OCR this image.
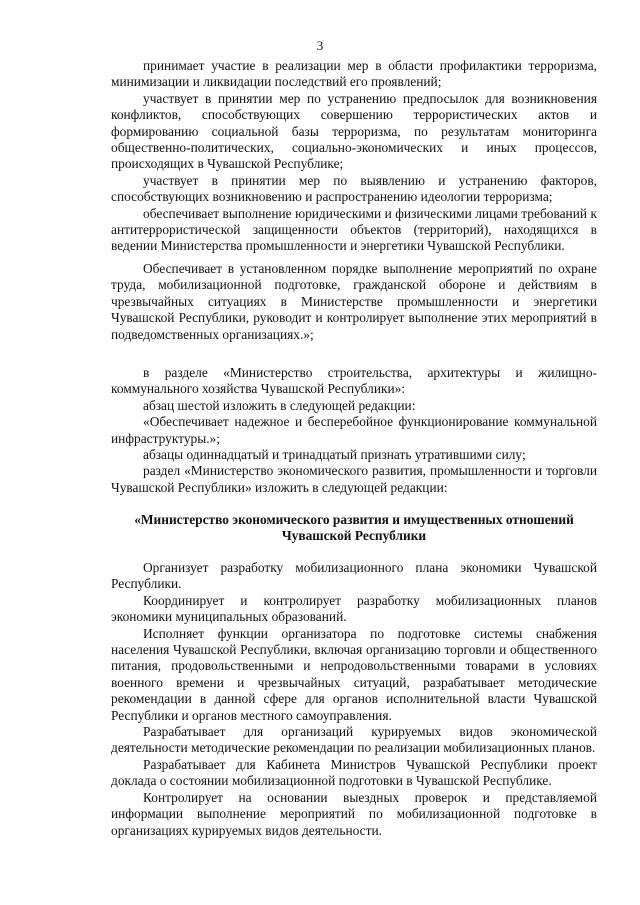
3

принимает участие в реализации мер в области профилактики терроризма, минимизации и ликвидации последствий его проявлений;

участвует в принятии мер по устранению предпосылок для возникновения конфликтов, способствующих совершению террористических актов и формированию социальной базы терроризма, по результатам мониторинга общественно-политических, социально-экономических и иных процессов, происходящих в Чувашской Республике;

участвует в принятии мер по выявлению и устранению факторов, способствующих возникновению и распространению идеологии терроризма;

обеспечивает выполнение юридическими и физическими лицами требований к антитеррористической защищенности объектов (территорий), находящихся в ведении Министерства промышленности и энергетики Чувашской Республики.

Обеспечивает в установленном порядке выполнение мероприятий по охране труда, мобилизационной подготовке, гражданской обороне и действиям в чрезвычайных ситуациях в Министерстве промышленности и энергетики Чувашской Республики, руководит и контролирует выполнение этих мероприятий в подведомственных организациях.»;

в разделе «Министерство строительства, архитектуры и жилищно-коммунального хозяйства Чувашской Республики»:

абзац шестой изложить в следующей редакции:

«Обеспечивает надежное и бесперебойное функционирование коммунальной инфраструктуры.»;

абзацы одиннадцатый и тринадцатый признать утратившими силу;

раздел «Министерство экономического развития, промышленности и торговли Чувашской Республики» изложить в следующей редакции:

«Министерство экономического развития и имущественных отношений Чувашской Республики

Организует разработку мобилизационного плана экономики Чувашской Республики.

Координирует и контролирует разработку мобилизационных планов экономики муниципальных образований.

Исполняет функции организатора по подготовке системы снабжения населения Чувашской Республики, включая организацию торговли и общественного питания, продовольственными и непродовольственными товарами в условиях военного времени и чрезвычайных ситуаций, разрабатывает методические рекомендации в данной сфере для органов исполнительной власти Чувашской Республики и органов местного самоуправления.

Разрабатывает для организаций курируемых видов экономической деятельности методические рекомендации по реализации мобилизационных планов.

Разрабатывает для Кабинета Министров Чувашской Республики проект доклада о состоянии мобилизационной подготовки в Чувашской Республике.

Контролирует на основании выездных проверок и представляемой информации выполнение мероприятий по мобилизационной подготовке в организациях курируемых видов деятельности.
